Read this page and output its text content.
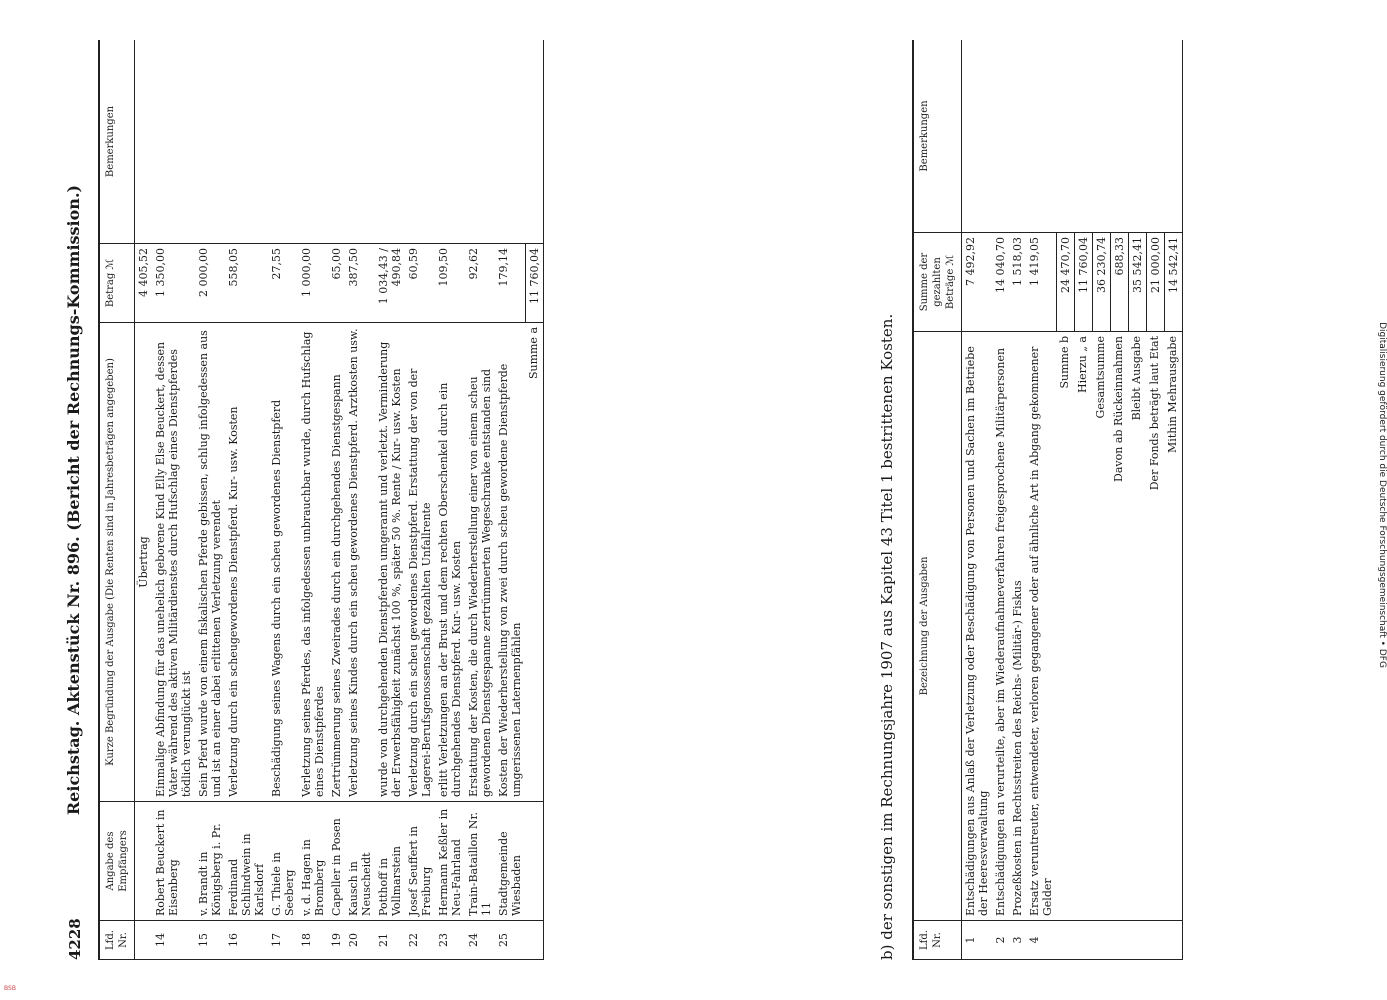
4228
Reichstag. Aktenstück Nr. 896. (Bericht der Rechnungs-Kommission.)
Lfd. Nr.	Angabe des Empfängers	Kurze Begründung der Ausgabe (Die Renten sind in Jahresbeträgen angegeben)	Betrag ℳ	Bemerkungen
		Übertrag	4 405,52	
14	Robert Beuckert in Eisenberg	Einmalige Abfindung für das unehelich geborene Kind Elly Else Beuckert, dessen Vater während des aktiven Militärdienstes durch Hufschlag eines Dienstpferdes tödlich verunglückt ist	1 350,00	
15	v. Brandt in Königsberg i. Pr.	Sein Pferd wurde von einem fiskalischen Pferde gebissen, schlug infolgedessen aus und ist an einer dabei erlittenen Verletzung verendet	2 000,00	
16	Ferdinand Schlindwein in Karlsdorf	Verletzung durch ein scheugewordenes Dienstpferd. Kur- usw. Kosten	558,05	
17	G. Thiele in Seeberg	Beschädigung seines Wagens durch ein scheu gewordenes Dienstpferd	27,55	
18	v. d. Hagen in Bromberg	Verletzung seines Pferdes, das infolgedessen unbrauchbar wurde, durch Hufschlag eines Dienstpferdes	1 000,00	
19	Capeller in Posen	Zertrümmerung seines Zweirades durch ein durchgehendes Dienstgespann	65,00	
20	Kausch in Neuscheidt	Verletzung seines Kindes durch ein scheu gewordenes Dienstpferd. Arztkosten usw.	387,50	
21	Potthoff in Vollmarstein	wurde von durchgehenden Dienstpferden umgerannt und verletzt. Verminderung der Erwerbsfähigkeit zunächst 100 %, später 50 %. Rente / Kur- usw. Kosten	1 034,43 / 490,84	
22	Josef Seuffert in Freiburg	Verletzung durch ein scheu gewordenes Dienstpferd. Erstattung der von der Lagerei-Berufsgenossenschaft gezahlten Unfallrente	60,59	
23	Hermann Keßler in Neu-Fahrland	erlitt Verletzungen an der Brust und dem rechten Oberschenkel durch ein durchgehendes Dienstpferd. Kur- usw. Kosten	109,50	
24	Train-Bataillon Nr. 11	Erstattung der Kosten, die durch Wiederherstellung einer von einem scheu gewordenen Dienstgespanne zertrümmerten Wegeschranke entstanden sind	92,62	
25	Stadtgemeinde Wiesbaden	Kosten der Wiederherstellung von zwei durch scheu gewordene Dienstpferde umgerissenen Laternenpfählen	179,14	
		Summe a	11 760,04	
b) der sonstigen im Rechnungsjahre 1907 aus Kapitel 43 Titel 1 bestrittenen Kosten. Lfd. Nr.	Bezeichnung der Ausgaben	Summe der gezahlten Beträge ℳ	Bemerkungen
1	Entschädigungen aus Anlaß der Verletzung oder Beschädigung von Personen und Sachen im Betriebe der Heeresverwaltung	7 492,92	
2	Entschädigungen an verurteilte, aber im Wiederaufnahmeverfahren freigesprochene Militärpersonen	14 040,70	
3	Prozeßkosten in Rechtsstreiten des Reichs- (Militär-) Fiskus	1 518,03	
4	Ersatz veruntreuter, entwendeter, verloren gegangener oder auf ähnliche Art in Abgang gekommener Gelder	1 419,05	
	Summe b	24 470,70	
	Hierzu „ a	11 760,04	
	Gesamtsumme	36 230,74	
	Davon ab Rückeinnahmen	688,33	
	Bleibt Ausgabe	35 542,41	
	Der Fonds beträgt laut Etat	21 000,00	
	Mithin Mehrausgabe	14 542,41	
Digitalisierung gefördert durch die Deutsche Forschungsgemeinschaft • DFG
BSB
